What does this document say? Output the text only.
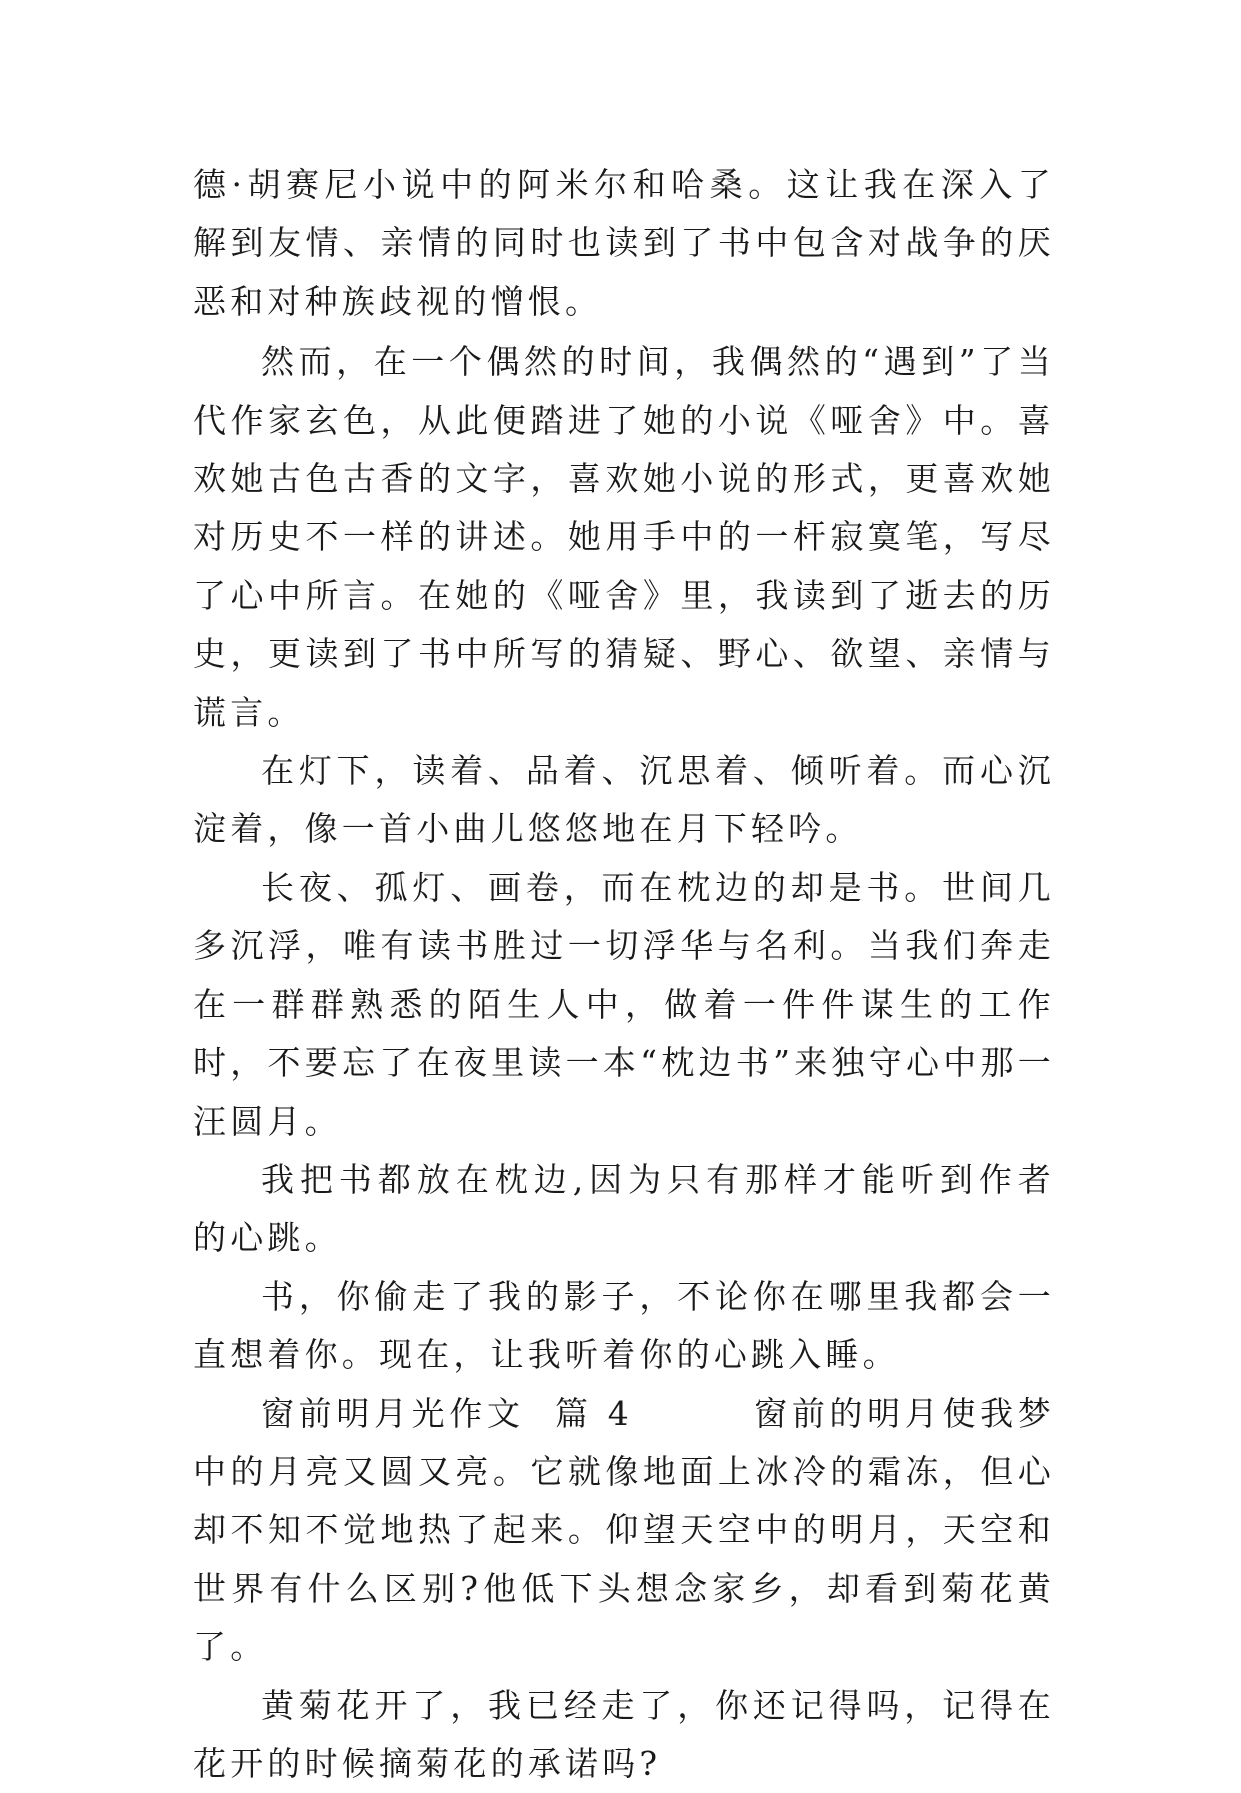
德·胡赛尼小说中的阿米尔和哈桑。这让我在深入了解到友情、亲情的同时也读到了书中包含对战争的厌恶和对种族歧视的憎恨。

然而，在一个偶然的时间，我偶然的“遇到”了当代作家玄色，从此便踏进了她的小说《哑舍》中。喜欢她古色古香的文字，喜欢她小说的形式，更喜欢她对历史不一样的讲述。她用手中的一杆寂寞笔，写尽了心中所言。在她的《哑舍》里，我读到了逝去的历史，更读到了书中所写的猜疑、野心、欲望、亲情与谎言。

在灯下，读着、品着、沉思着、倾听着。而心沉淀着，像一首小曲儿悠悠地在月下轻吟。

长夜、孤灯、画卷，而在枕边的却是书。世间几多沉浮，唯有读书胜过一切浮华与名利。当我们奔走在一群群熟悉的陌生人中，做着一件件谋生的工作时，不要忘了在夜里读一本“枕边书”来独守心中那一汪圆月。

我把书都放在枕边,因为只有那样才能听到作者的心跳。

书，你偷走了我的影子，不论你在哪里我都会一直想着你。现在，让我听着你的心跳入睡。

窗前明月光作文  篇 4        窗前的明月使我梦中的月亮又圆又亮。它就像地面上冰冷的霜冻，但心却不知不觉地热了起来。仰望天空中的明月，天空和世界有什么区别?他低下头想念家乡，却看到菊花黄了。

黄菊花开了，我已经走了，你还记得吗，记得在花开的时候摘菊花的承诺吗?
